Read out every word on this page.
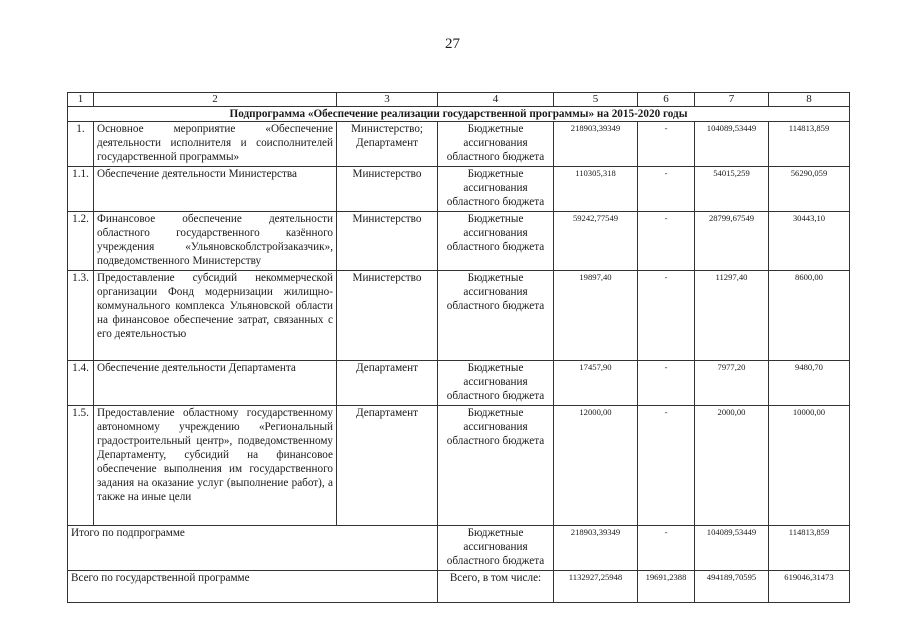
27
1	2	3	4	5	6	7	8
Подпрограмма «Обеспечение реализации государственной программы» на 2015-2020 годы							
1.	Основное мероприятие «Обеспечение деятельности исполнителя и соисполнителей государственной программы»	Министерство; Департамент	Бюджетные ассигнования областного бюджета	218903,39349	-	104089,53449	114813,859
1.1.	Обеспечение деятельности Министерства	Министерство	Бюджетные ассигнования областного бюджета	110305,318	-	54015,259	56290,059
1.2.	Финансовое обеспечение деятельности областного государственного казённого учреждения «Ульяновскоблстройзаказчик», подведомственного Министерству	Министерство	Бюджетные ассигнования областного бюджета	59242,77549	-	28799,67549	30443,10
1.3.	Предоставление субсидий некоммерческой организации Фонд модернизации жилищно-коммунального комплекса Ульяновской области на финансовое обеспечение затрат, связанных с его деятельностью	Министерство	Бюджетные ассигнования областного бюджета	19897,40	-	11297,40	8600,00
1.4.	Обеспечение деятельности Департамента	Департамент	Бюджетные ассигнования областного бюджета	17457,90	-	7977,20	9480,70
1.5.	Предоставление областному государственному автономному учреждению «Региональный градостроительный центр», подведомственному Департаменту, субсидий на финансовое обеспечение выполнения им государственного задания на оказание услуг (выполнение работ), а также на иные цели	Департамент	Бюджетные ассигнования областного бюджета	12000,00	-	2000,00	10000,00
Итого по подпрограмме			Бюджетные ассигнования областного бюджета	218903,39349	-	104089,53449	114813,859
Всего по государственной программе			Всего, в том числе:	1132927,25948	19691,2388	494189,70595	619046,31473
